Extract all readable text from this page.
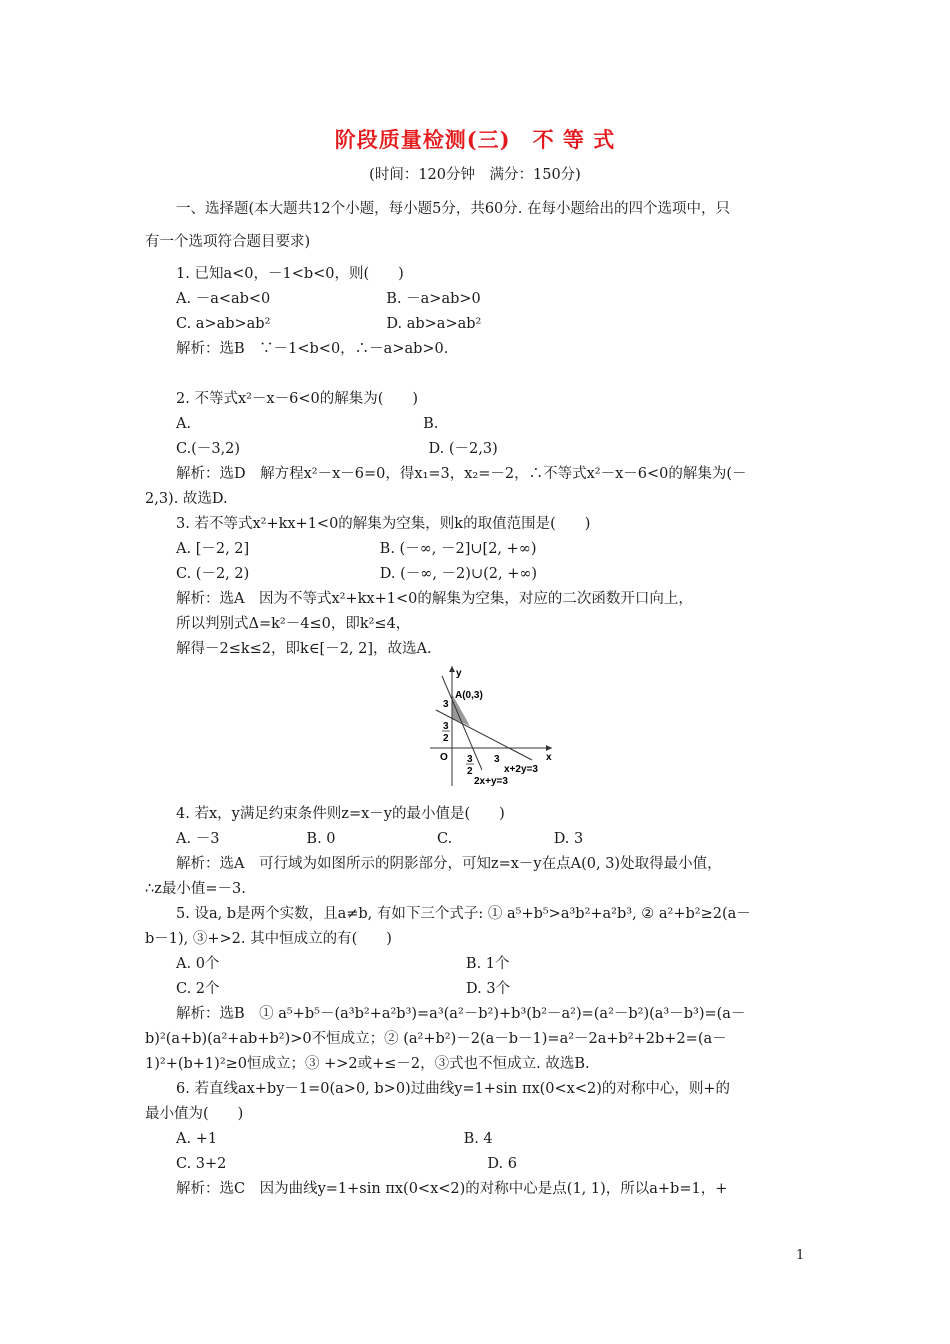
阶段质量检测(三)　不 等 式
(时间：120分钟　满分：150分)
一、选择题(本大题共12个小题，每小题5分，共60分. 在每小题给出的四个选项中，只
有一个选项符合题目要求)
1. 已知a<0，－1<b<0，则(　　)
A. －a<ab<0　　　　　　　　B. －a>ab>0
C. a>ab>ab²　　　　　　　　D. ab>a>ab²
解析：选B　∵－1<b<0，∴－a>ab>0.
2. 不等式x²－x－6<0的解集为(　　)
A.　　　　　　　　　　　　　　　　B.
C.(－3,2)　　　　　　　　　　　　　D. (－2,3)
解析：选D　解方程x²－x－6=0，得x₁=3，x₂=－2，∴不等式x²－x－6<0的解集为(－
2,3). 故选D.
3. 若不等式x²+kx+1<0的解集为空集，则k的取值范围是(　　)
A. [－2, 2]　　　　　　　　　B. (－∞, －2]∪[2, +∞)
C. (－2, 2)　　　　　　　　　D. (－∞, －2)∪(2, +∞)
解析：选A　因为不等式x²+kx+1<0的解集为空集，对应的二次函数开口向上，
所以判别式Δ=k²－4≤0，即k²≤4，
解得－2≤k≤2，即k∈[－2, 2]，故选A.
y
x
O
A(0,3)
3
3
2
3
2
3
x+2y=3
2x+y=3
4. 若x，y满足约束条件则z=x－y的最小值是(　　)
A. －3　　　　　　B. 0　　　　　　　C.　　　　　　　D. 3
解析：选A　可行域为如图所示的阴影部分，可知z=x－y在点A(0, 3)处取得最小值，
∴z最小值=－3.
5. 设a, b是两个实数，且a≠b, 有如下三个式子: ① a⁵+b⁵>a³b²+a²b³, ② a²+b²≥2(a－
b－1), ③+>2. 其中恒成立的有(　　)
A. 0个　　　　　　　　　　　　　　　　　B. 1个
C. 2个　　　　　　　　　　　　　　　　　D. 3个
解析：选B　① a⁵+b⁵－(a³b²+a²b³)=a³(a²－b²)+b³(b²－a²)=(a²－b²)(a³－b³)=(a－
b)²(a+b)(a²+ab+b²)>0不恒成立；② (a²+b²)－2(a－b－1)=a²－2a+b²+2b+2=(a－
1)²+(b+1)²≥0恒成立；③ +>2或+≤－2，③式也不恒成立. 故选B.
6. 若直线ax+by－1=0(a>0, b>0)过曲线y=1+sin πx(0<x<2)的对称中心，则+的
最小值为(　　)
A. +1　　　　　　　　　　　　　　　　　B. 4
C. 3+2　　　　　　　　　　　　　　　　　　D. 6
解析：选C　因为曲线y=1+sin πx(0<x<2)的对称中心是点(1, 1)，所以a+b=1，+
1
